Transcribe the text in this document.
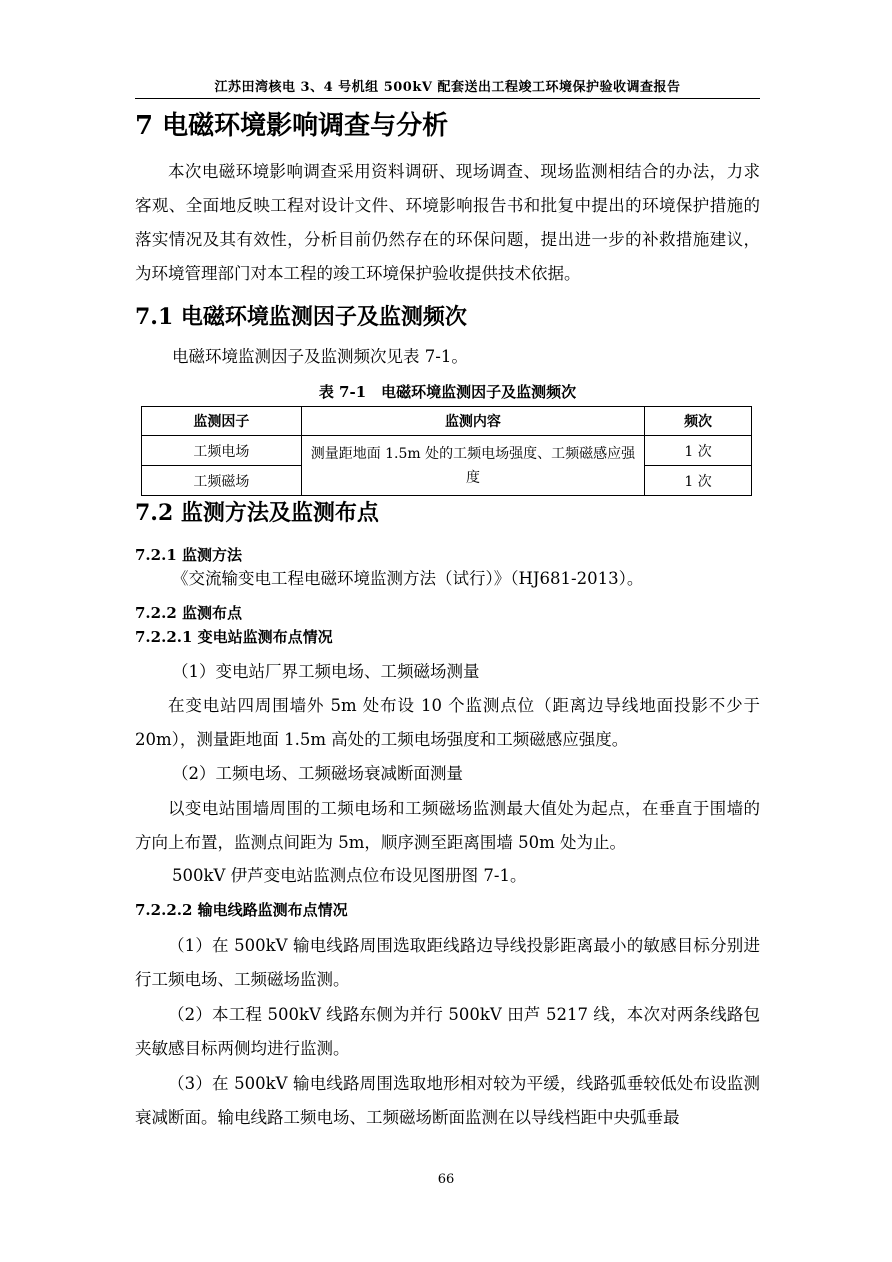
江苏田湾核电 3、4 号机组 500kV 配套送出工程竣工环境保护验收调查报告
7 电磁环境影响调查与分析

本次电磁环境影响调查采用资料调研、现场调查、现场监测相结合的办法，力求客观、全面地反映工程对设计文件、环境影响报告书和批复中提出的环境保护措施的落实情况及其有效性，分析目前仍然存在的环保问题，提出进一步的补救措施建议，为环境管理部门对本工程的竣工环境保护验收提供技术依据。

7.1 电磁环境监测因子及监测频次
电磁环境监测因子及监测频次见表 7-1。
表 7-1　电磁环境监测因子及监测频次
监测因子	监测内容	频次
工频电场	测量距地面 1.5m 处的工频电场强度、工频磁感应强度	1 次
工频磁场		1 次
7.2 监测方法及监测布点
7.2.1 监测方法
《交流输变电工程电磁环境监测方法（试行）》（HJ681-2013）。
7.2.2 监测布点
7.2.2.1 变电站监测布点情况
（1）变电站厂界工频电场、工频磁场测量

在变电站四周围墙外 5m 处布设 10 个监测点位（距离边导线地面投影不少于 20m），测量距地面 1.5m 高处的工频电场强度和工频磁感应强度。

（2）工频电场、工频磁场衰减断面测量

以变电站围墙周围的工频电场和工频磁场监测最大值处为起点，在垂直于围墙的方向上布置，监测点间距为 5m，顺序测至距离围墙 50m 处为止。

500kV 伊芦变电站监测点位布设见图册图 7-1。
7.2.2.2 输电线路监测布点情况

（1）在 500kV 输电线路周围选取距线路边导线投影距离最小的敏感目标分别进行工频电场、工频磁场监测。

（2）本工程 500kV 线路东侧为并行 500kV 田芦 5217 线，本次对两条线路包夹敏感目标两侧均进行监测。

（3）在 500kV 输电线路周围选取地形相对较为平缓，线路弧垂较低处布设监测衰减断面。输电线路工频电场、工频磁场断面监测在以导线档距中央弧垂最

66
